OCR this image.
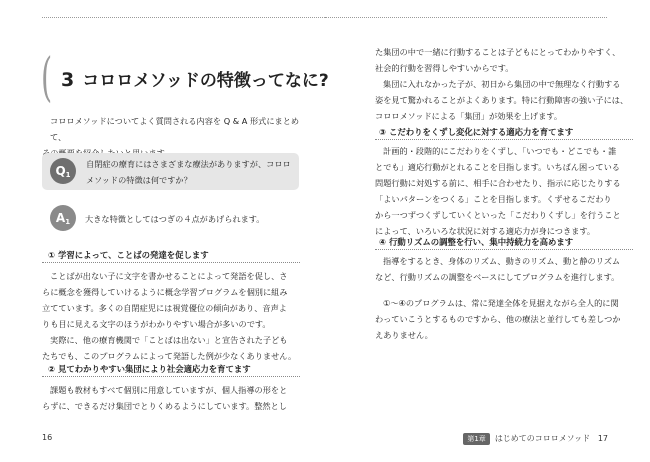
( 3 コロロメソッドの特徴ってなに?
コロロメソッドについてよく質問される内容を Q & A 形式にまとめて、
$Q_1$
自閉症の療育にはさまざまな療法がありますが、コロロメソッドの特徴は何ですか？
$A_1$	大きな特徴としてはつぎの４点があげられます。
① 学習によって、ことばの発達を促します
ことばが出ない子に文字を書かせることによって発語を促し、さ
らに概念を獲得していけるように概念学習プログラムを個別に組み
立てています。多くの自閉症児には視覚優位の傾向があり、音声よ
りも目に見える文字のほうがわかりやすい場合が多いのです。
実際に、他の療育機関で「ことばは出ない」と宣告された子ども
たちでも、このプログラムによって発語した例が少なくありません。
② 見てわかりやすい集団により社会適応力を育てます
課題も教材もすべて個別に用意していますが、個人指導の形をと
らずに、できるだけ集団でとりくめるようにしています。整然とし
16
た集団の中で一緒に行動することは子どもにとってわかりやすく、
社会的行動を習得しやすいからです。
集団に入れなかった子が、初日から集団の中で無理なく行動する
姿を見て驚かれることがよくあります。特に行動障害の強い子には、
コロロメソッドによる「集団」が効果を上げます。
③ こだわりをくずし変化に対する適応力を育てます
計画的・段階的にこだわりをくずし、「いつでも・どこでも・誰
とでも」適応行動がとれることを目指します。いちばん困っている
問題行動に対処する前に、相手に合わせたり、指示に応じたりする
「よいパターンをつくる」ことを目指します。くずせるこだわり
から一つずつくずしていくといった「こだわりくずし」を行うこと
によって、いろいろな状況に対する適応力が身につきます。
④ 行動リズムの調整を行い、集中持続力を高めます
指導をするとき、身体のリズム、動きのリズム、動と静のリズム
など、行動リズムの調整をベースにしてプログラムを進行します。
①〜④のプログラムは、常に発達全体を見据えながら全人的に関
わっていこうとするものですから、他の療法と並行しても差しつか
えありません。
第1章 はじめてのコロロメソッド 17
